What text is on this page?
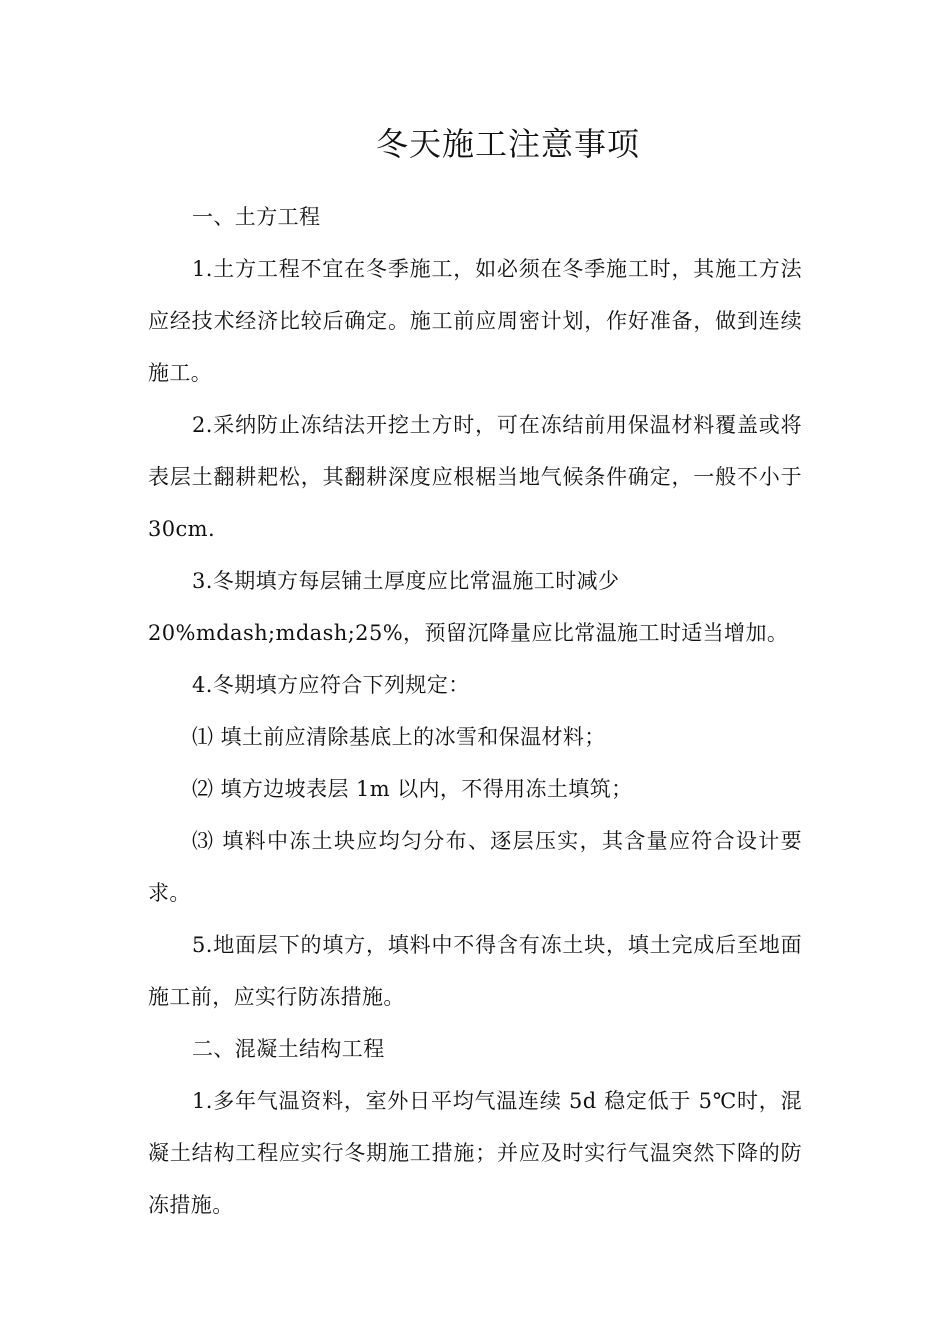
冬天施工注意事项

一、土方工程

1.土方工程不宜在冬季施工，如必须在冬季施工时，其施工方法应经技术经济比较后确定。施工前应周密计划，作好准备，做到连续施工。

2.采纳防止冻结法开挖土方时，可在冻结前用保温材料覆盖或将表层土翻耕耙松，其翻耕深度应根椐当地气候条件确定，一般不小于 30cm.

3.冬期填方每层铺土厚度应比常温施工时减少

20%mdash;mdash;25%，预留沉降量应比常温施工时适当增加。

4.冬期填方应符合下列规定：

⑴ 填土前应清除基底上的冰雪和保温材料；

⑵ 填方边坡表层 1m 以内，不得用冻土填筑；

⑶ 填料中冻土块应均匀分布、逐层压实，其含量应符合设计要求。

5.地面层下的填方，填料中不得含有冻土块，填土完成后至地面施工前，应实行防冻措施。

二、混凝土结构工程

1.多年气温资料，室外日平均气温连续 5d 稳定低于 5℃时，混凝土结构工程应实行冬期施工措施；并应及时实行气温突然下降的防冻措施。
